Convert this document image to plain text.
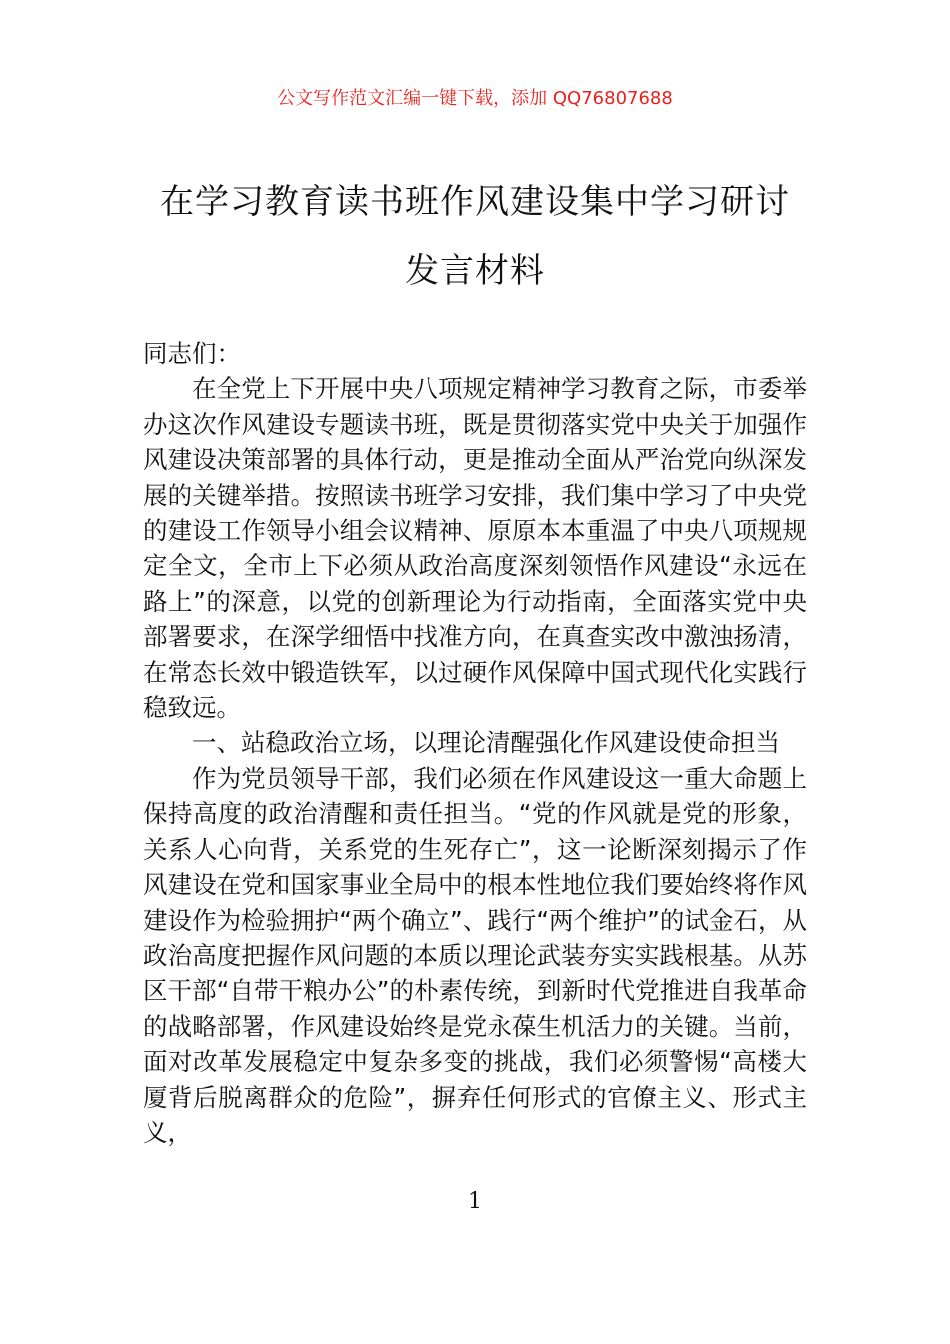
公文写作范文汇编一键下载，添加 QQ76807688
在学习教育读书班作风建设集中学习研讨
发言材料

同志们：

在全党上下开展中央八项规定精神学习教育之际，市委举办这次作风建设专题读书班，既是贯彻落实党中央关于加强作风建设决策部署的具体行动，更是推动全面从严治党向纵深发展的关键举措。按照读书班学习安排，我们集中学习了中央党的建设工作领导小组会议精神、原原本本重温了中央八项规规定全文，全市上下必须从政治高度深刻领悟作风建设“永远在路上”的深意，以党的创新理论为行动指南，全面落实党中央部署要求，在深学细悟中找准方向，在真查实改中激浊扬清，在常态长效中锻造铁军，以过硬作风保障中国式现代化实践行稳致远。

一、站稳政治立场，以理论清醒强化作风建设使命担当

作为党员领导干部，我们必须在作风建设这一重大命题上保持高度的政治清醒和责任担当。“党的作风就是党的形象，关系人心向背，关系党的生死存亡”，这一论断深刻揭示了作风建设在党和国家事业全局中的根本性地位我们要始终将作风建设作为检验拥护“两个确立”、践行“两个维护”的试金石，从政治高度把握作风问题的本质以理论武装夯实实践根基。从苏区干部“自带干粮办公”的朴素传统，到新时代党推进自我革命的战略部署，作风建设始终是党永葆生机活力的关键。当前，面对改革发展稳定中复杂多变的挑战，我们必须警惕“高楼大厦背后脱离群众的危险”，摒弃任何形式的官僚主义、形式主义，

1
